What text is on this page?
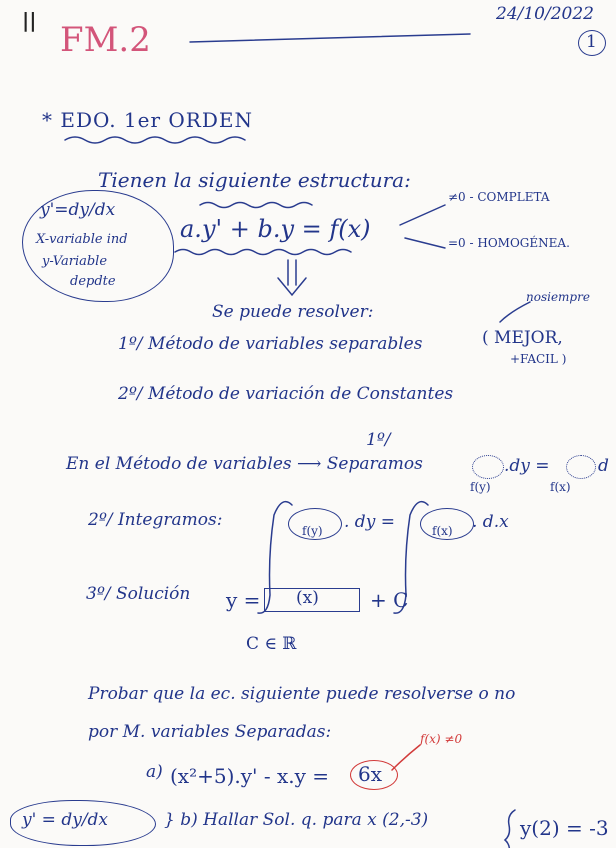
|| FM.2
24/10/2022
1
* EDO. 1er ORDEN
Tienen la siguiente estructura:
y'=dy/dx
X-variable ind
y-Variable
depdte
a.y' + b.y = f(x)
≠0 - COMPLETA
=0 - HOMOGÉNEA.
Se puede resolver:
nosiempre
1º/ Método de variables separables	( MEJOR,
+FACIL )
2º/ Método de variación de Constantes
1º/
En el Método de variables ⟶ Separamos	.dy =	d
f(y)	f(x)
2º/ Integramos:
f(y) . dy =	f(x) . d.x
3º/ Solución y = (x)	+ C
C ∈ ℝ
Probar que la ec. siguiente puede resolverse o no
por M. variables Separadas:	f(x) ≠0
a) (x²+5).y' - x.y = 6x
y' = dy/dx	} b) Hallar Sol. q. para x (2,-3)	y(2) = -3
